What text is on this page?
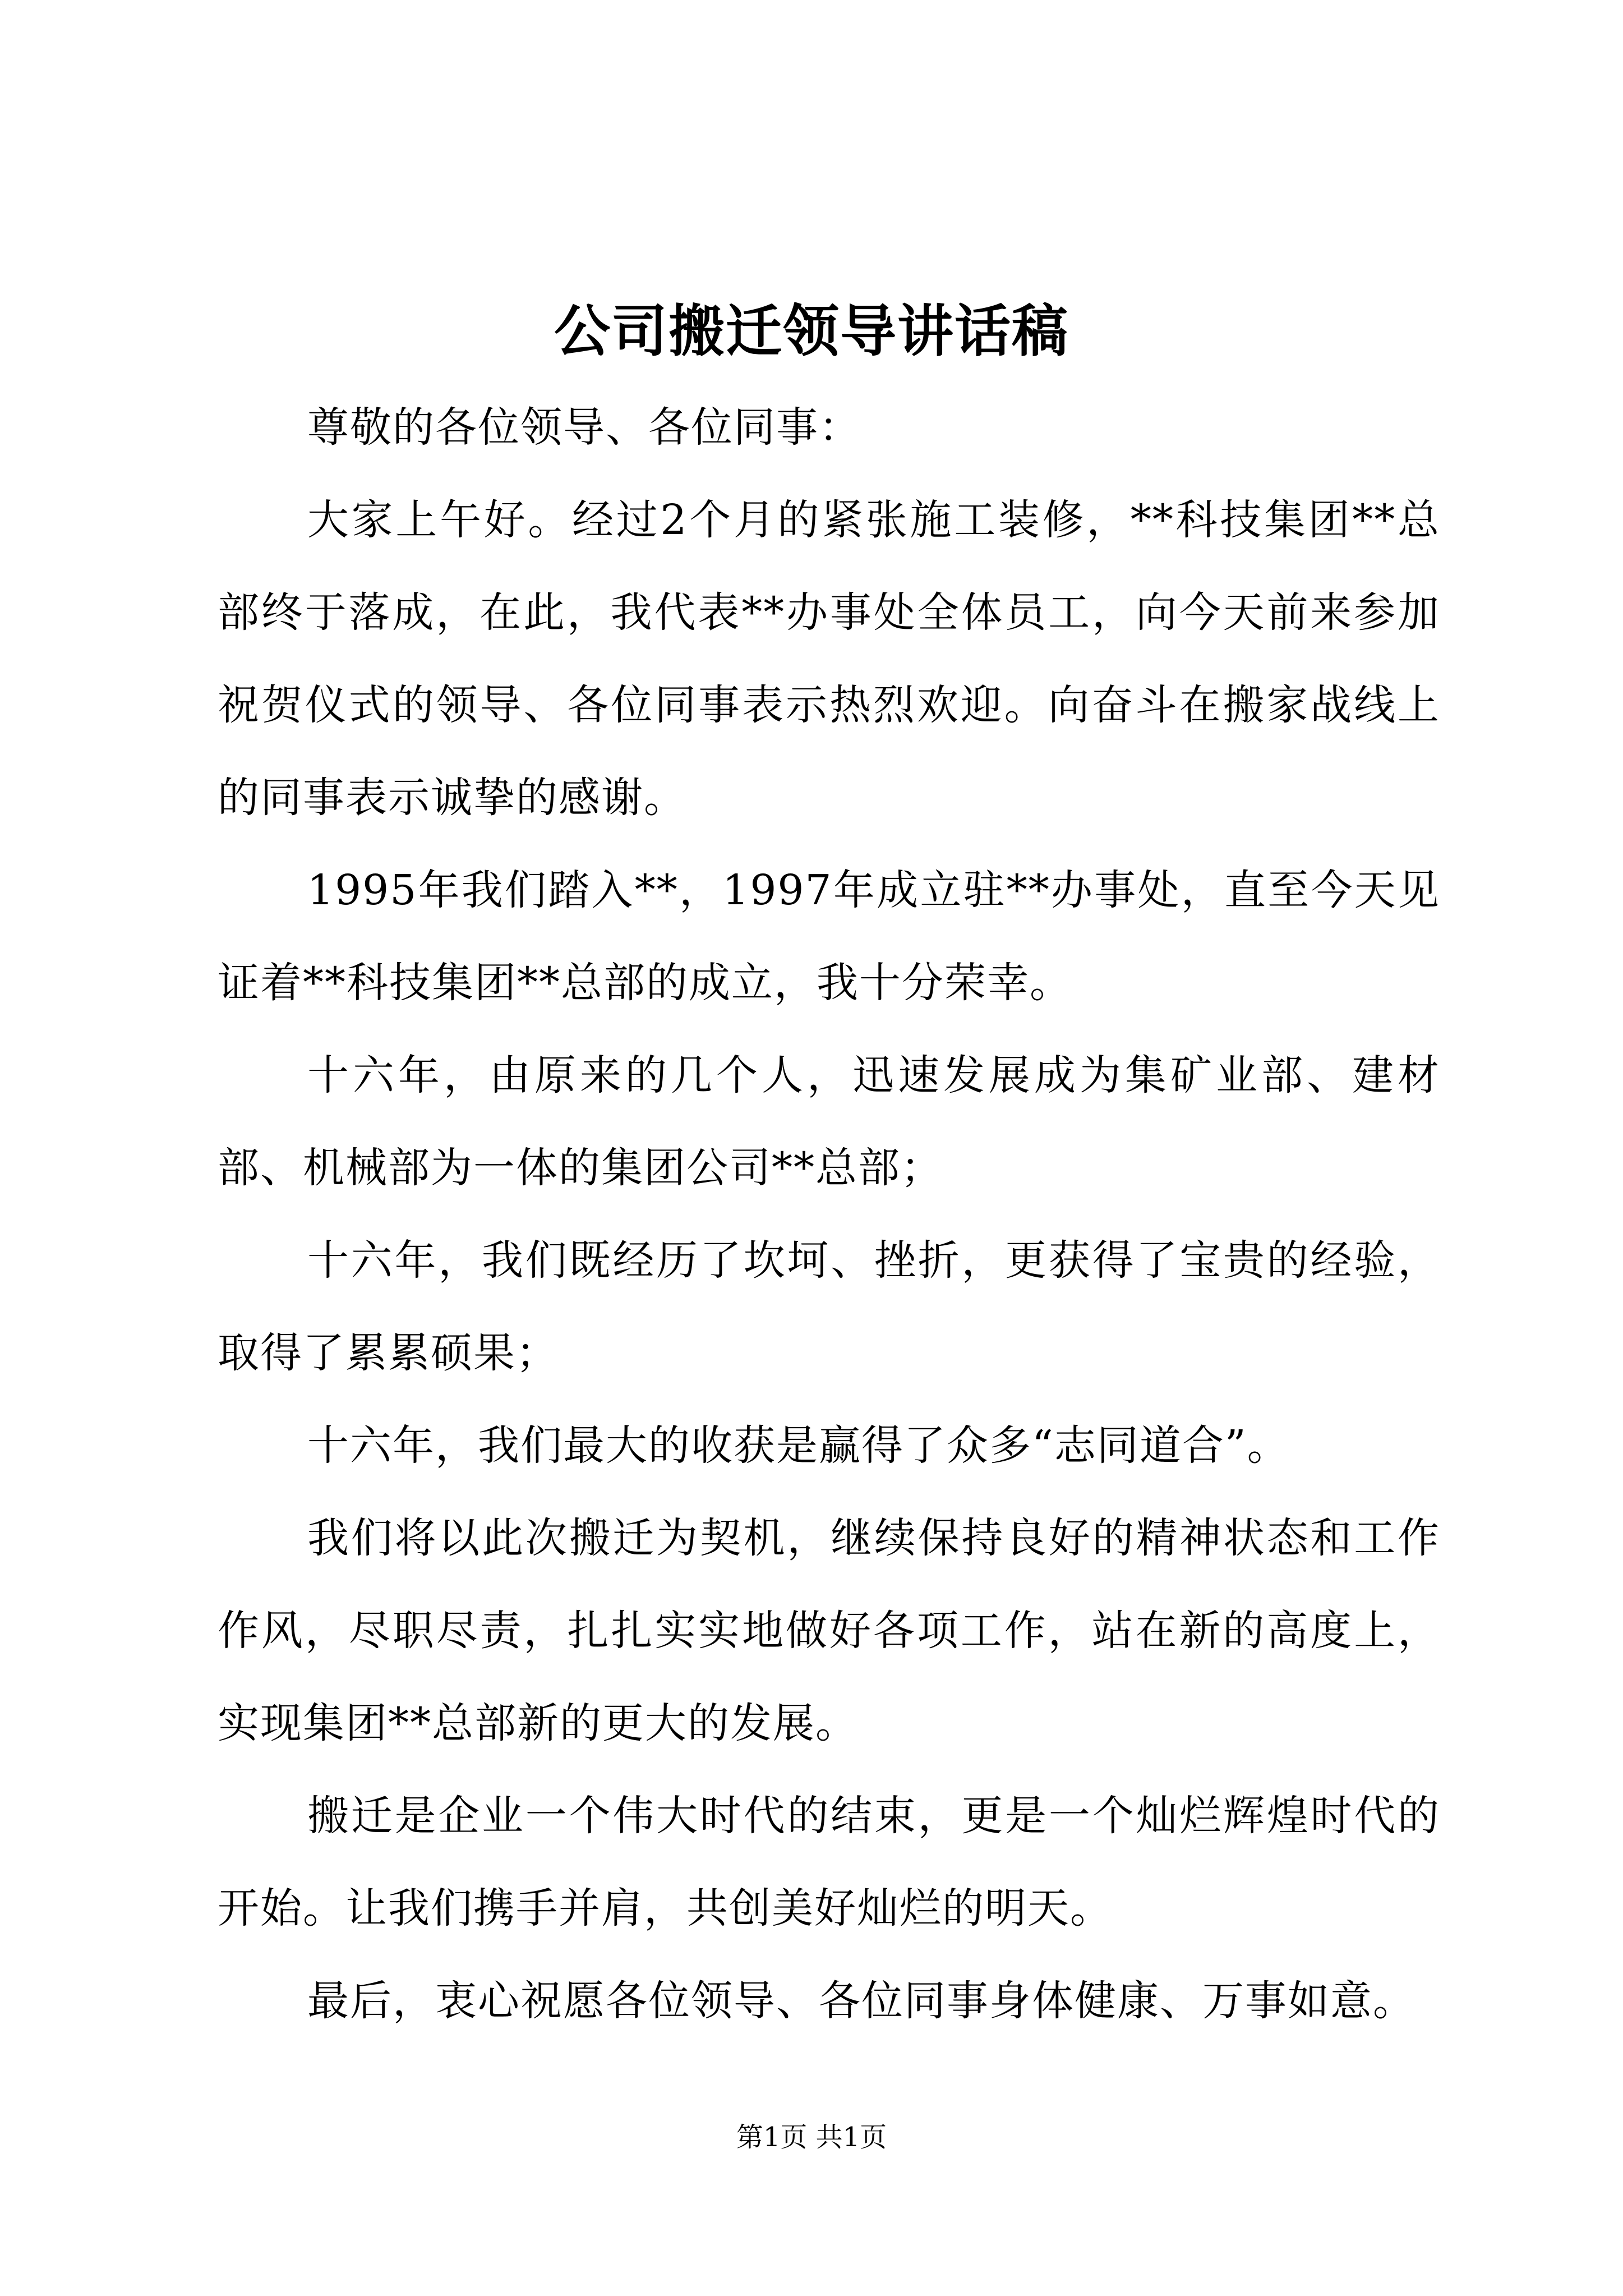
公司搬迁领导讲话稿

尊敬的各位领导、各位同事：

大家上午好。经过2个月的紧张施工装修，**科技集团**总部终于落成，在此，我代表**办事处全体员工，向今天前来参加祝贺仪式的领导、各位同事表示热烈欢迎。向奋斗在搬家战线上的同事表示诚挚的感谢。

1995年我们踏入**，1997年成立驻**办事处，直至今天见证着**科技集团**总部的成立，我十分荣幸。

十六年，由原来的几个人，迅速发展成为集矿业部、建材部、机械部为一体的集团公司**总部；

十六年，我们既经历了坎坷、挫折，更获得了宝贵的经验，取得了累累硕果；

十六年，我们最大的收获是赢得了众多“志同道合”。

我们将以此次搬迁为契机，继续保持良好的精神状态和工作作风，尽职尽责，扎扎实实地做好各项工作，站在新的高度上，实现集团**总部新的更大的发展。

搬迁是企业一个伟大时代的结束，更是一个灿烂辉煌时代的开始。让我们携手并肩，共创美好灿烂的明天。

最后，衷心祝愿各位领导、各位同事身体健康、万事如意。

第1页 共1页
